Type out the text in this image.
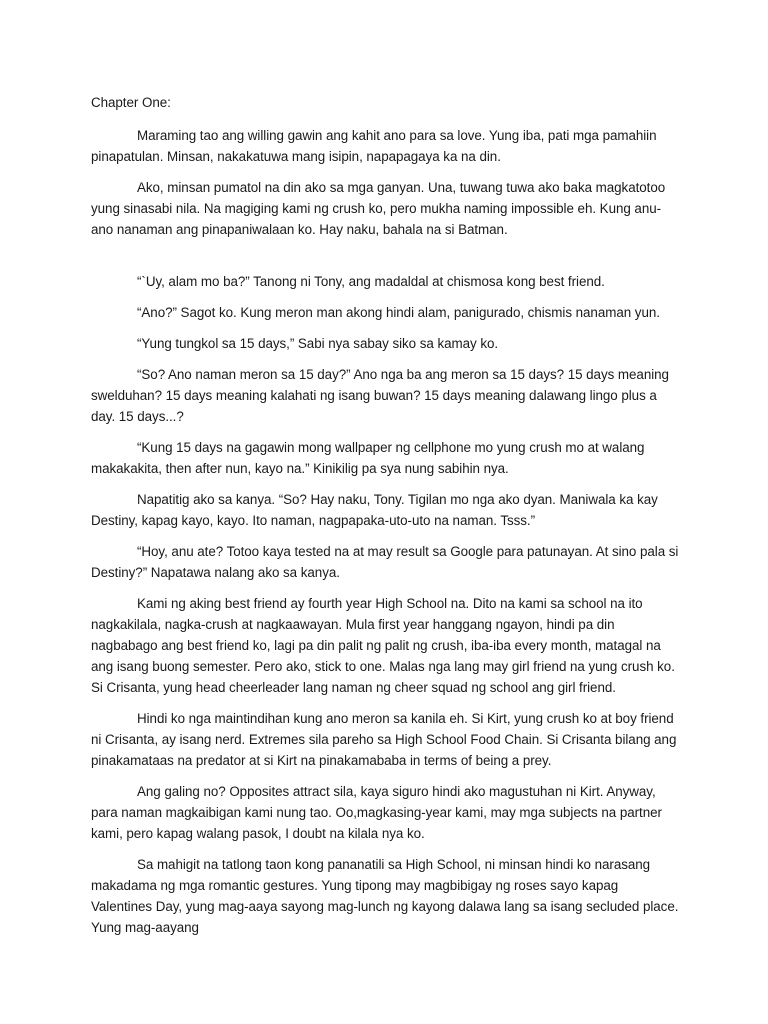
Chapter One:

Maraming tao ang willing gawin ang kahit ano para sa love. Yung iba, pati mga pamahiin pinapatulan. Minsan, nakakatuwa mang isipin, napapagaya ka na din.

Ako, minsan pumatol na din ako sa mga ganyan. Una, tuwang tuwa ako baka magkatotoo yung sinasabi nila. Na magiging kami ng crush ko, pero mukha naming impossible eh. Kung anu-ano nanaman ang pinapaniwalaan ko. Hay naku, bahala na si Batman.

“`Uy, alam mo ba?” Tanong ni Tony, ang madaldal at chismosa kong best friend.

“Ano?” Sagot ko. Kung meron man akong hindi alam, panigurado, chismis nanaman yun.

“Yung tungkol sa 15 days,” Sabi nya sabay siko sa kamay ko.

“So? Ano naman meron sa 15 day?” Ano nga ba ang meron sa 15 days? 15 days meaning swelduhan? 15 days meaning kalahati ng isang buwan? 15 days meaning dalawang lingo plus a day. 15 days...?

“Kung 15 days na gagawin mong wallpaper ng cellphone mo yung crush mo at walang makakakita, then after nun, kayo na.” Kinikilig pa sya nung sabihin nya.

Napatitig ako sa kanya. “So? Hay naku, Tony. Tigilan mo nga ako dyan. Maniwala ka kay Destiny, kapag kayo, kayo. Ito naman, nagpapaka-uto-uto na naman. Tsss.”

“Hoy, anu ate? Totoo kaya tested na at may result sa Google para patunayan. At sino pala si Destiny?” Napatawa nalang ako sa kanya.

Kami ng aking best friend ay fourth year High School na. Dito na kami sa school na ito nagkakilala, nagka-crush at nagkaawayan. Mula first year hanggang ngayon, hindi pa din nagbabago ang best friend ko, lagi pa din palit ng palit ng crush, iba-iba every month, matagal na ang isang buong semester. Pero ako, stick to one. Malas nga lang may girl friend na yung crush ko. Si Crisanta, yung head cheerleader lang naman ng cheer squad ng school ang girl friend.

Hindi ko nga maintindihan kung ano meron sa kanila eh. Si Kirt, yung crush ko at boy friend ni Crisanta, ay isang nerd. Extremes sila pareho sa High School Food Chain. Si Crisanta bilang ang pinakamataas na predator at si Kirt na pinakamababa in terms of being a prey.

Ang galing no? Opposites attract sila, kaya siguro hindi ako magustuhan ni Kirt. Anyway, para naman magkaibigan kami nung tao. Oo,magkasing-year kami, may mga subjects na partner kami, pero kapag walang pasok, I doubt na kilala nya ko.

Sa mahigit na tatlong taon kong pananatili sa High School, ni minsan hindi ko narasang makadama ng mga romantic gestures. Yung tipong may magbibigay ng roses sayo kapag Valentines Day, yung mag-aaya sayong mag-lunch ng kayong dalawa lang sa isang secluded place. Yung mag-aayang
